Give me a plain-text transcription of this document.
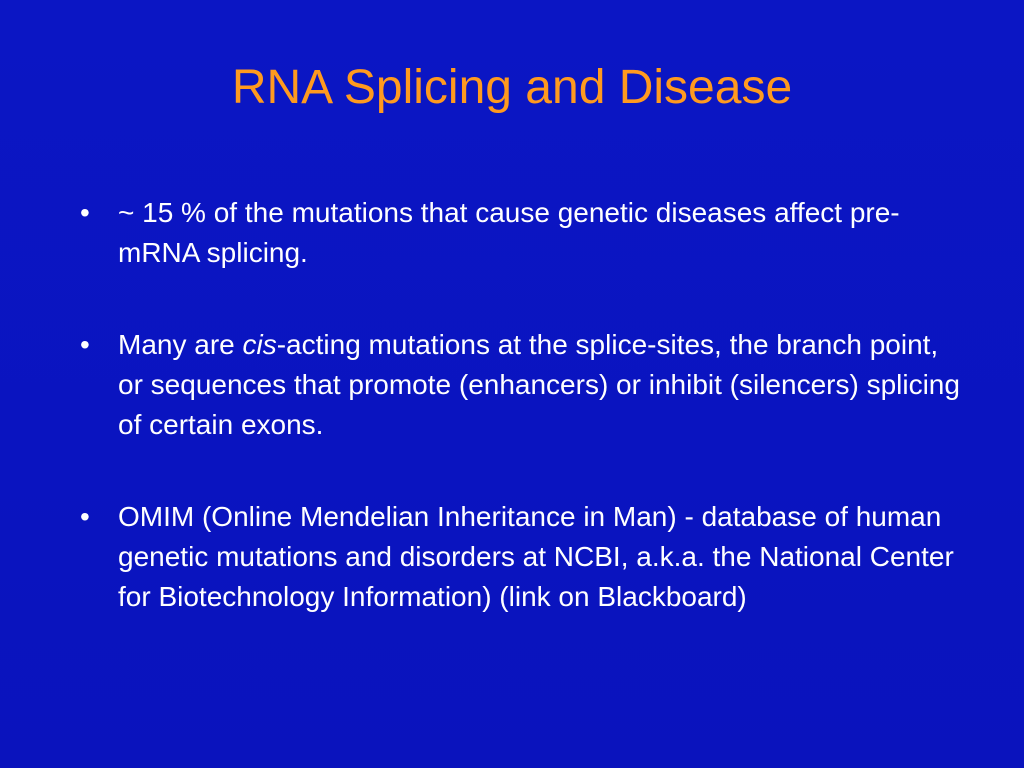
RNA Splicing and Disease
• ~ 15 % of the mutations that cause genetic diseases affect pre-mRNA splicing.
• Many are cis-acting mutations at the splice-sites, the branch point, or sequences that promote (enhancers) or inhibit (silencers) splicing of certain exons.
• OMIM (Online Mendelian Inheritance in Man) - database of human genetic mutations and disorders at NCBI, a.k.a. the National Center for Biotechnology Information) (link on Blackboard)
